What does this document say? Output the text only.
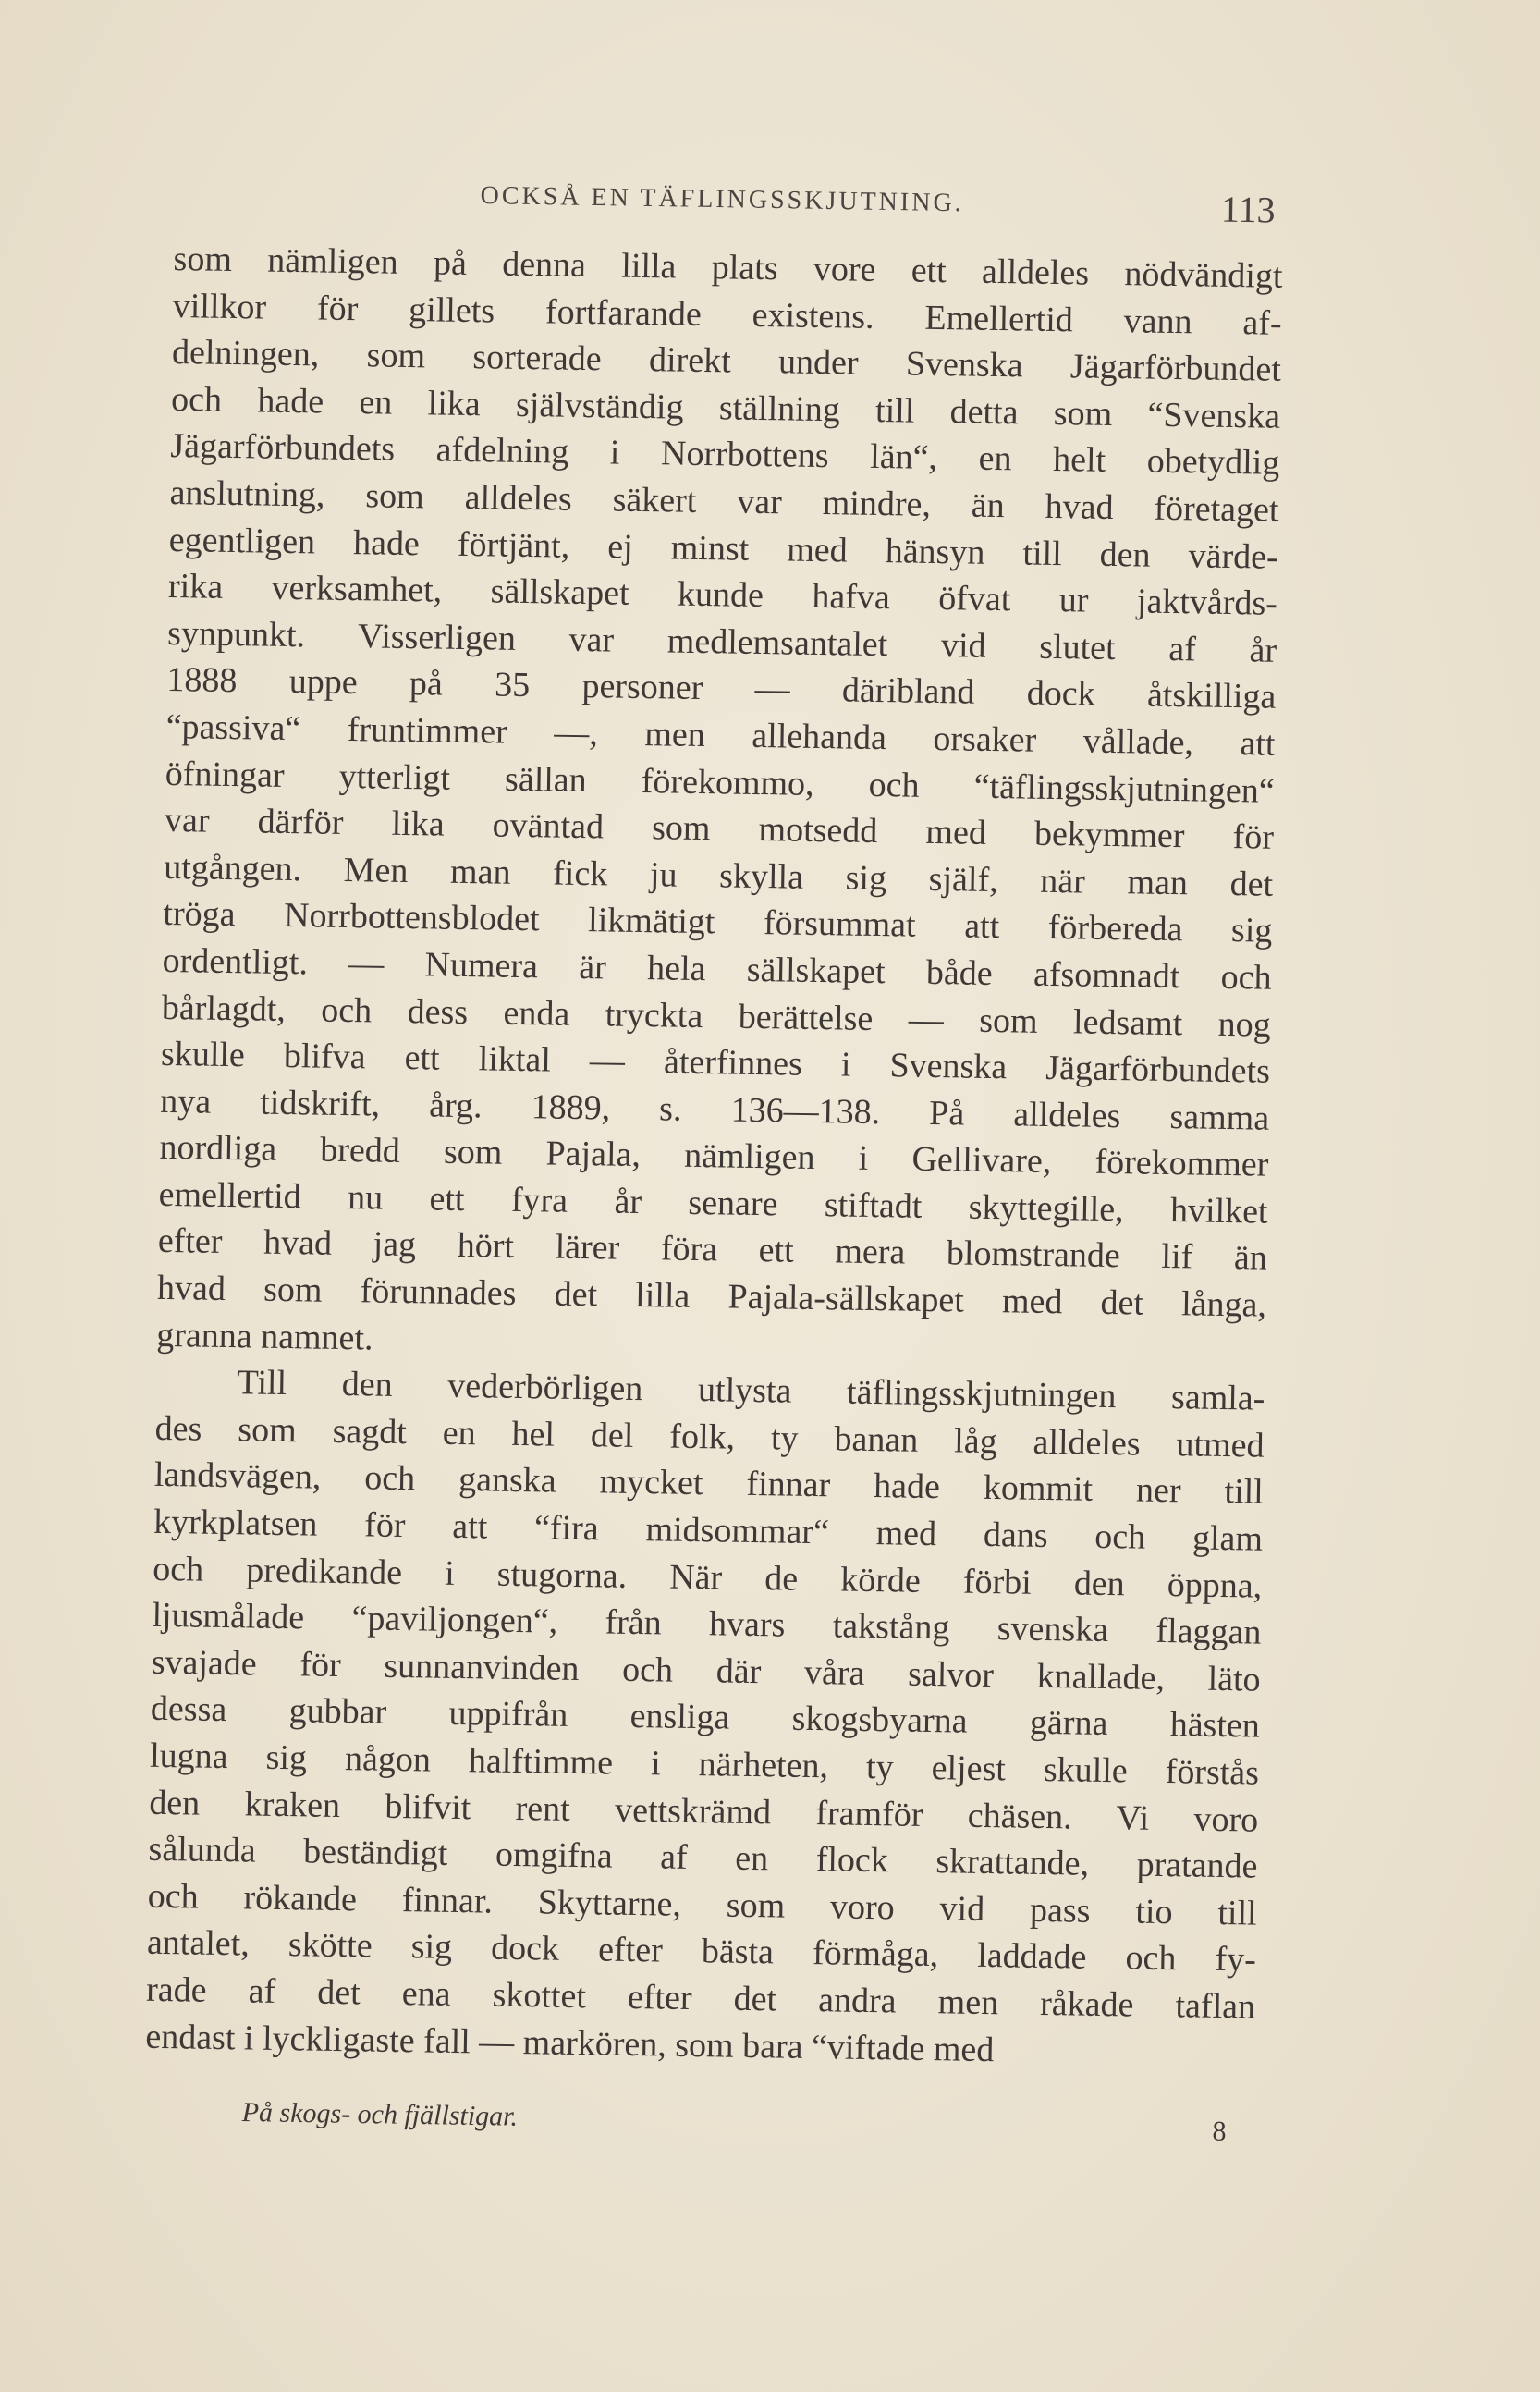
OCKSÅ EN TÄFLINGSSKJUTNING.	113
som nämligen på denna lilla plats vore ett alldeles nödvändigt
villkor för gillets fortfarande existens. Emellertid vann af-
delningen, som sorterade direkt under Svenska Jägarförbundet
och hade en lika självständig ställning till detta som “Svenska
Jägarförbundets afdelning i Norrbottens län“, en helt obetydlig
anslutning, som alldeles säkert var mindre, än hvad företaget
egentligen hade förtjänt, ej minst med hänsyn till den värde-
rika verksamhet, sällskapet kunde hafva öfvat ur jaktvårds-
synpunkt. Visserligen var medlemsantalet vid slutet af år
1888 uppe på 35 personer — däribland dock åtskilliga
“passiva“ fruntimmer —, men allehanda orsaker vållade, att
öfningar ytterligt sällan förekommo, och “täflingsskjutningen“
var därför lika oväntad som motsedd med bekymmer för
utgången. Men man fick ju skylla sig själf, när man det
tröga Norrbottensblodet likmätigt försummat att förbereda sig
ordentligt. — Numera är hela sällskapet både afsomnadt och
bårlagdt, och dess enda tryckta berättelse — som ledsamt nog
skulle blifva ett liktal — återfinnes i Svenska Jägarförbundets
nya tidskrift, årg. 1889, s. 136—138. På alldeles samma
nordliga bredd som Pajala, nämligen i Gellivare, förekommer
emellertid nu ett fyra år senare stiftadt skyttegille, hvilket
efter hvad jag hört lärer föra ett mera blomstrande lif än
hvad som förunnades det lilla Pajala-sällskapet med det långa,
granna namnet.
Till den vederbörligen utlysta täflingsskjutningen samla-
des som sagdt en hel del folk, ty banan låg alldeles utmed
landsvägen, och ganska mycket finnar hade kommit ner till
kyrkplatsen för att “fira midsommar“ med dans och glam
och predikande i stugorna. När de körde förbi den öppna,
ljusmålade “paviljongen“, från hvars takstång svenska flaggan
svajade för sunnanvinden och där våra salvor knallade, läto
dessa gubbar uppifrån ensliga skogsbyarna gärna hästen
lugna sig någon halftimme i närheten, ty eljest skulle förstås
den kraken blifvit rent vettskrämd framför chäsen. Vi voro
sålunda beständigt omgifna af en flock skrattande, pratande
och rökande finnar. Skyttarne, som voro vid pass tio till
antalet, skötte sig dock efter bästa förmåga, laddade och fy-
rade af det ena skottet efter det andra men råkade taflan
endast i lyckligaste fall — markören, som bara “viftade med
På skogs- och fjällstigar.	8
